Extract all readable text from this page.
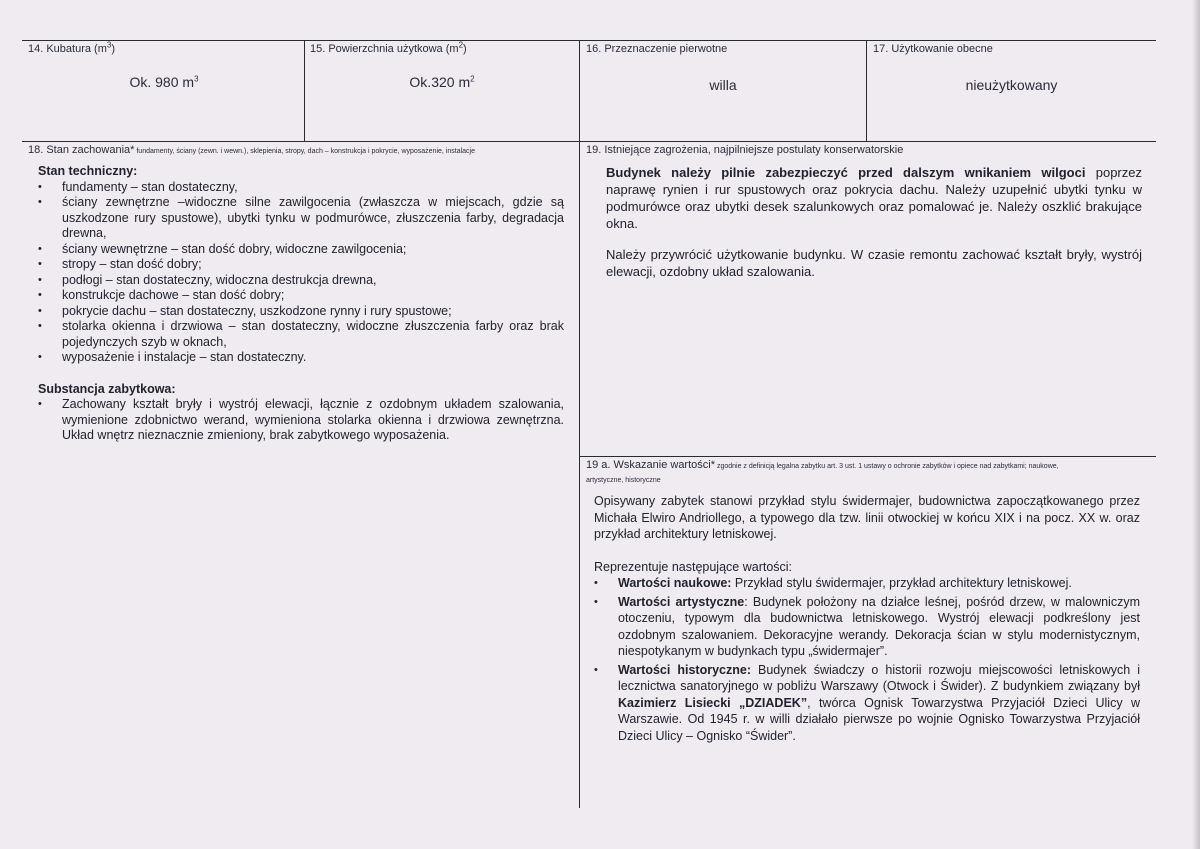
14. Kubatura $(m^3)$
Ok. 980 $m^3$
15. Powierzchnia użytkowa $(m^2)$
Ok.320 $m^2$
16. Przeznaczenie pierwotne
willa
17. Użytkowanie obecne
nieużytkowany
18. Stan zachowania* fundamenty, ściany (zewn. i wewn.), sklepienia, stropy, dach – konstrukcja i pokrycie, wyposażenie, instalacje
Stan techniczny:
• fundamenty – stan dostateczny,
• ściany zewnętrzne –widoczne silne zawilgocenia (zwłaszcza w miejscach, gdzie są uszkodzone rury spustowe), ubytki tynku w podmurówce, złuszczenia farby, degradacja drewna,
• ściany wewnętrzne – stan dość dobry, widoczne zawilgocenia;
• stropy – stan dość dobry;
• podłogi – stan dostateczny, widoczna destrukcja drewna,
• konstrukcje dachowe – stan dość dobry;
• pokrycie dachu – stan dostateczny, uszkodzone rynny i rury spustowe;
• stolarka okienna i drzwiowa – stan dostateczny, widoczne złuszczenia farby oraz brak pojedynczych szyb w oknach,
• wyposażenie i instalacje – stan dostateczny.
Substancja zabytkowa:
• Zachowany kształt bryły i wystrój elewacji, łącznie z ozdobnym układem szalowania, wymienione zdobnictwo werand, wymieniona stolarka okienna i drzwiowa zewnętrzna. Układ wnętrz nieznacznie zmieniony, brak zabytkowego wyposażenia.
19. Istniejące zagrożenia, najpilniejsze postulaty konserwatorskie

Budynek należy pilnie zabezpieczyć przed dalszym wnikaniem wilgoci poprzez naprawę rynien i rur spustowych oraz pokrycia dachu. Należy uzupełnić ubytki tynku w podmurówce oraz ubytki desek szalunkowych oraz pomalować je. Należy oszklić brakujące okna.

Należy przywrócić użytkowanie budynku. W czasie remontu zachować kształt bryły, wystrój elewacji, ozdobny układ szalowania.

19 a. Wskazanie wartości* zgodnie z definicją legalna zabytku art. 3 ust. 1 ustawy o ochronie zabytków i opiece nad zabytkami; naukowe,
artystyczne, historyczne

Opisywany zabytek stanowi przykład stylu świdermajer, budownictwa zapoczątkowanego przez Michała Elwiro Andriollego, a typowego dla tzw. linii otwockiej w końcu XIX i na pocz. XX w. oraz przykład architektury letniskowej.

Reprezentuje następujące wartości:

• Wartości naukowe: Przykład stylu świdermajer, przykład architektury letniskowej.
• Wartości artystyczne: Budynek położony na działce leśnej, pośród drzew, w malowniczym otoczeniu, typowym dla budownictwa letniskowego. Wystrój elewacji podkreślony jest ozdobnym szalowaniem. Dekoracyjne werandy. Dekoracja ścian w stylu modernistycznym, niespotykanym w budynkach typu „świdermajer”.
• Wartości historyczne: Budynek świadczy o historii rozwoju miejscowości letniskowych i lecznictwa sanatoryjnego w pobliżu Warszawy (Otwock i Świder). Z budynkiem związany był Kazimierz Lisiecki „DZIADEK”, twórca Ognisk Towarzystwa Przyjaciół Dzieci Ulicy w Warszawie. Od 1945 r. w willi działało pierwsze po wojnie Ognisko Towarzystwa Przyjaciół Dzieci Ulicy – Ognisko “Świder”.
